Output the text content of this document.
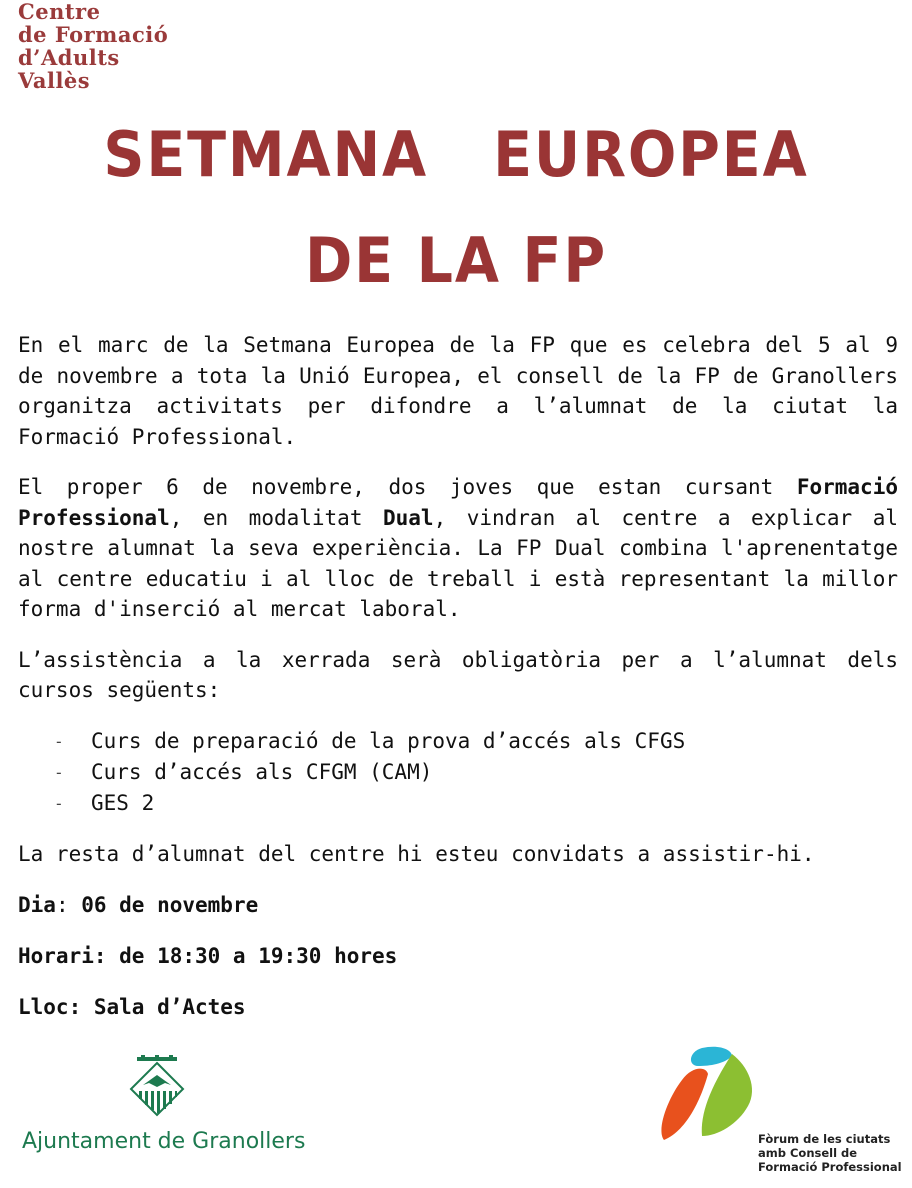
Centre
de Formació
d’Adults
Vallès
SETMANA   EUROPEA
DE LA FP

En el marc de la Setmana Europea de la FP que es celebra del 5 al 9 de novembre a tota la Unió Europea, el consell de la FP de Granollers organitza activitats per difondre a l’alumnat de la ciutat la Formació Professional.

El proper 6 de novembre, dos joves que estan cursant Formació Professional, en modalitat Dual, vindran al centre a explicar al nostre alumnat la seva experiència. La FP Dual combina l'aprenentatge al centre educatiu i al lloc de treball i està representant la millor forma d'inserció al mercat laboral.

L’assistència a la xerrada serà obligatòria per a l’alumnat dels cursos següents:

- Curs de preparació de la prova d’accés als CFGS
- Curs d’accés als CFGM (CAM)
- GES 2

La resta d’alumnat del centre hi esteu convidats a assistir-hi.

Dia: 06 de novembre
Horari: de 18:30 a 19:30 hores
Lloc: Sala d’Actes
Ajuntament de Granollers	Fòrum de les ciutats
amb Consell de
Formació Professional
